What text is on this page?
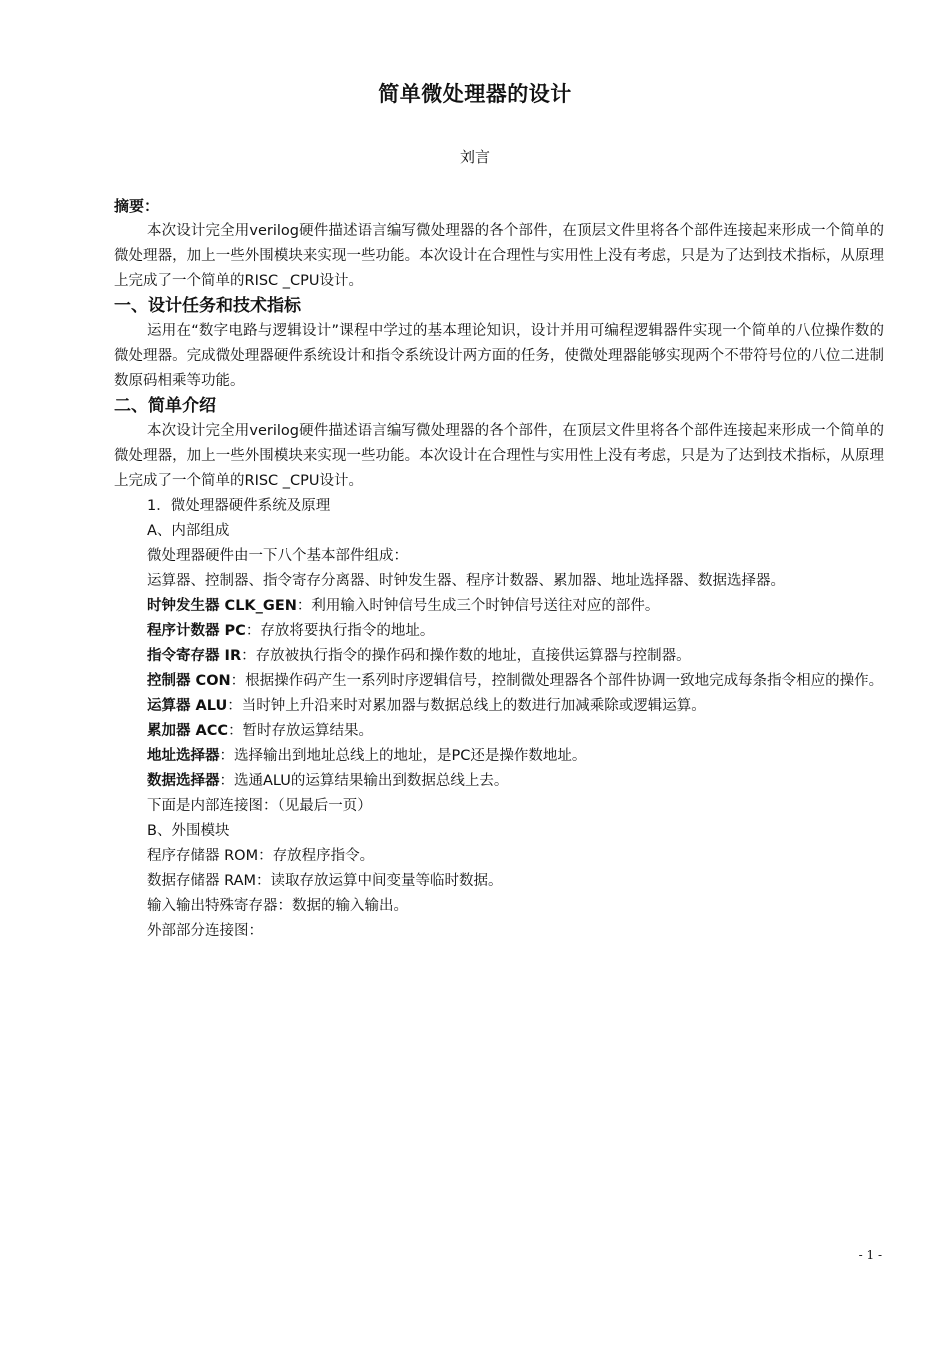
简单微处理器的设计
刘言

摘要：

本次设计完全用verilog硬件描述语言编写微处理器的各个部件，在顶层文件里将各个部件连接起来形成一个简单的微处理器，加上一些外围模块来实现一些功能。本次设计在合理性与实用性上没有考虑，只是为了达到技术指标，从原理上完成了一个简单的RISC _CPU设计。

一、设计任务和技术指标

运用在“数字电路与逻辑设计”课程中学过的基本理论知识，设计并用可编程逻辑器件实现一个简单的八位操作数的微处理器。完成微处理器硬件系统设计和指令系统设计两方面的任务，使微处理器能够实现两个不带符号位的八位二进制数原码相乘等功能。

二、简单介绍

本次设计完全用verilog硬件描述语言编写微处理器的各个部件，在顶层文件里将各个部件连接起来形成一个简单的微处理器，加上一些外围模块来实现一些功能。本次设计在合理性与实用性上没有考虑，只是为了达到技术指标，从原理上完成了一个简单的RISC _CPU设计。

1．微处理器硬件系统及原理

A、内部组成

微处理器硬件由一下八个基本部件组成：

运算器、控制器、指令寄存分离器、时钟发生器、程序计数器、累加器、地址选择器、数据选择器。

时钟发生器 CLK_GEN：利用输入时钟信号生成三个时钟信号送往对应的部件。

程序计数器 PC：存放将要执行指令的地址。

指令寄存器 IR：存放被执行指令的操作码和操作数的地址，直接供运算器与控制器。

控制器 CON：根据操作码产生一系列时序逻辑信号，控制微处理器各个部件协调一致地完成每条指令相应的操作。

运算器 ALU：当时钟上升沿来时对累加器与数据总线上的数进行加减乘除或逻辑运算。

累加器 ACC：暂时存放运算结果。

地址选择器：选择输出到地址总线上的地址，是PC还是操作数地址。

数据选择器：选通ALU的运算结果输出到数据总线上去。

下面是内部连接图：（见最后一页）

B、外围模块

程序存储器 ROM：存放程序指令。

数据存储器 RAM：读取存放运算中间变量等临时数据。

输入输出特殊寄存器：数据的输入输出。

外部部分连接图：

- 1 -
